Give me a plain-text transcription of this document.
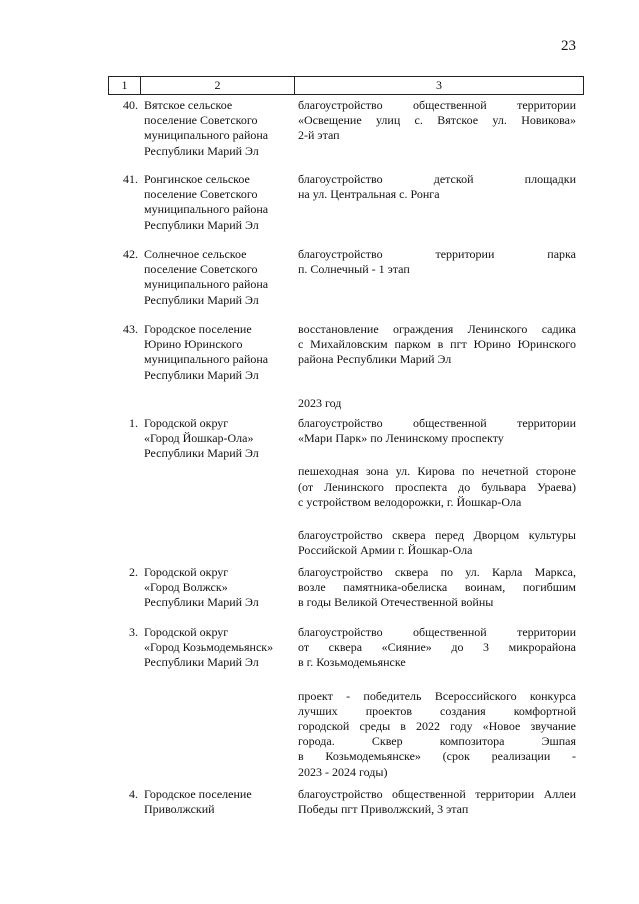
23
1	2	3
40. Вятское сельское
поселение Советского
муниципального района
Республики Марий Эл
благоустройство общественной территории
«Освещение улиц с. Вятское ул. Новикова»
2-й этап
41. Ронгинское сельское
поселение Советского
муниципального района
Республики Марий Эл
благоустройство детской площадки
на ул. Центральная с. Ронга
42. Солнечное сельское
поселение Советского
муниципального района
Республики Марий Эл
благоустройство территории парка
п. Солнечный - 1 этап
43. Городское поселение
Юрино Юринского
муниципального района
Республики Марий Эл
восстановление ограждения Ленинского садика
с Михайловским парком в пгт Юрино Юринского
района Республики Марий Эл
2023 год
1. Городской округ
«Город Йошкар-Ола»
Республики Марий Эл
благоустройство общественной территории
«Мари Парк» по Ленинскому проспекту
пешеходная зона ул. Кирова по нечетной стороне
(от Ленинского проспекта до бульвара Ураева)
с устройством велодорожки, г. Йошкар-Ола
благоустройство сквера перед Дворцом культуры
Российской Армии г. Йошкар-Ола
2. Городской округ
«Город Волжск»
Республики Марий Эл
благоустройство сквера по ул. Карла Маркса,
возле памятника-обелиска воинам, погибшим
в годы Великой Отечественной войны
3. Городской округ
«Город Козьмодемьянск»
Республики Марий Эл
благоустройство общественной территории
от сквера «Сияние» до 3 микрорайона
в г. Козьмодемьянске
проект - победитель Всероссийского конкурса
лучших проектов создания комфортной
городской среды в 2022 году «Новое звучание
города. Сквер композитора Эшпая
в Козьмодемьянске» (срок реализации -
2023 - 2024 годы)
4. Городское поселение
Приволжский
благоустройство общественной территории Аллеи
Победы пгт Приволжский, 3 этап
